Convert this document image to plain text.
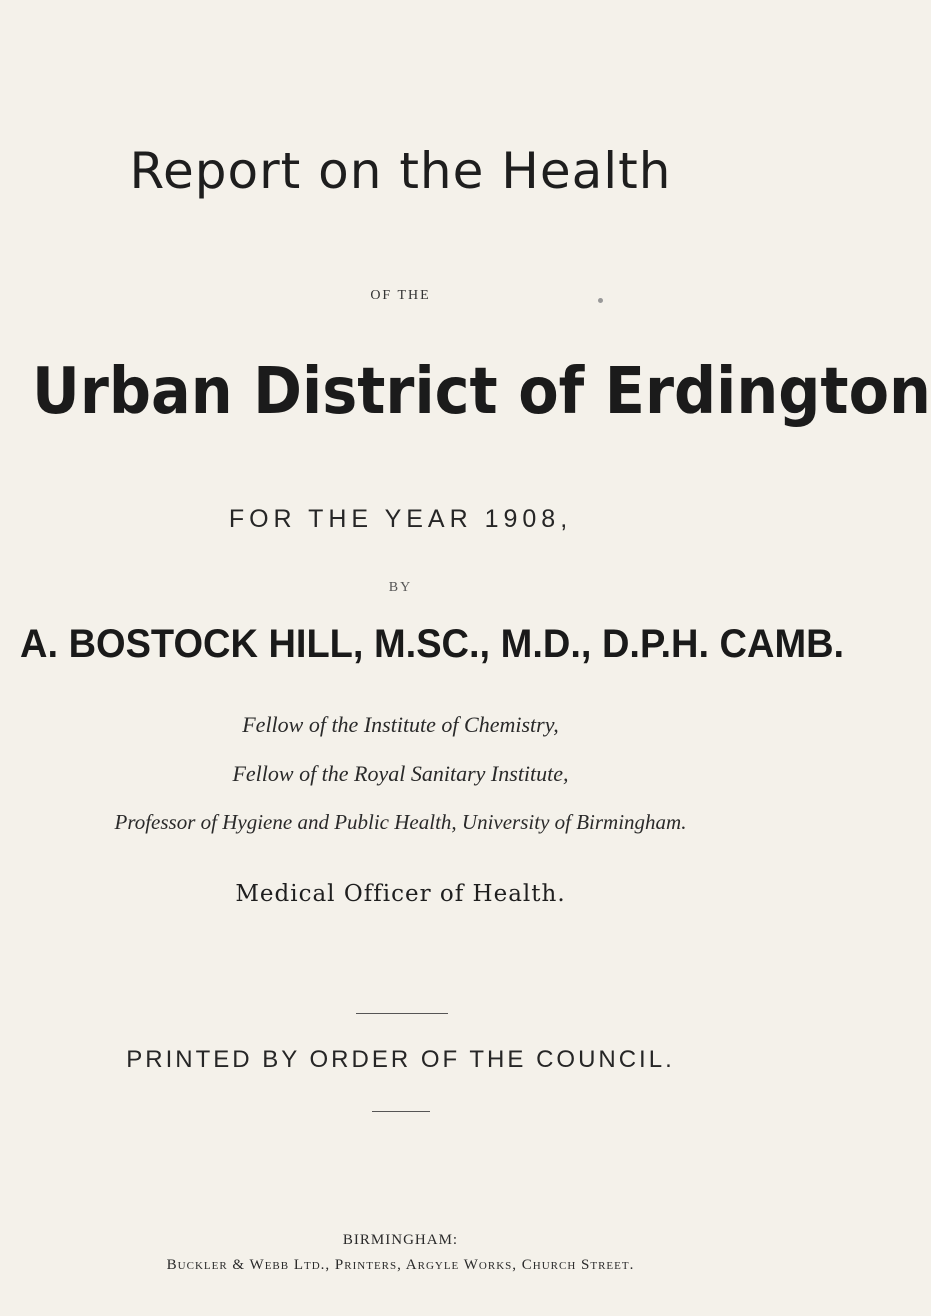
Report on the Health
OF THE
Urban District of Erdington
FOR THE YEAR 1908,
BY
A. BOSTOCK HILL, M.SC., M.D., D.P.H. CAMB.
Fellow of the Institute of Chemistry,
Fellow of the Royal Sanitary Institute,
Professor of Hygiene and Public Health, University of Birmingham.
Medical Officer of Health.
PRINTED BY ORDER OF THE COUNCIL.
BIRMINGHAM:
Buckler & Webb Ltd., Printers, Argyle Works, Church Street.
